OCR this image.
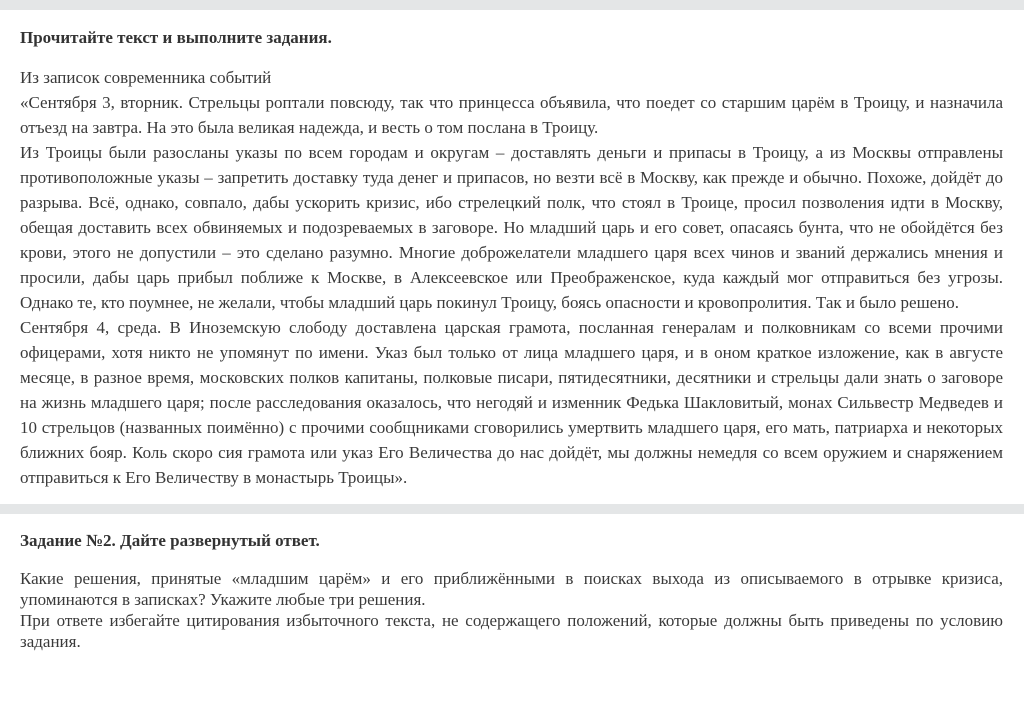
Прочитайте текст и выполните задания.

Из записок современника событий

«Сентября 3, вторник. Стрельцы роптали повсюду, так что принцесса объявила, что поедет со старшим царём в Троицу, и назначила отъезд на завтра. На это была великая надежда, и весть о том послана в Троицу.

Из Троицы были разосланы указы по всем городам и округам – доставлять деньги и припасы в Троицу, а из Москвы отправлены противоположные указы – запретить доставку туда денег и припасов, но везти всё в Москву, как прежде и обычно. Похоже, дойдёт до разрыва. Всё, однако, совпало, дабы ускорить кризис, ибо стрелецкий полк, что стоял в Троице, просил позволения идти в Москву, обещая доставить всех обвиняемых и подозреваемых в заговоре. Но младший царь и его совет, опасаясь бунта, что не обойдётся без крови, этого не допустили – это сделано разумно. Многие доброжелатели младшего царя всех чинов и званий держались мнения и просили, дабы царь прибыл поближе к Москве, в Алексеевское или Преображенское, куда каждый мог отправиться без угрозы. Однако те, кто поумнее, не желали, чтобы младший царь покинул Троицу, боясь опасности и кровопролития. Так и было решено.

Сентября 4, среда. В Иноземскую слободу доставлена царская грамота, посланная генералам и полковникам со всеми прочими офицерами, хотя никто не упомянут по имени. Указ был только от лица младшего царя, и в оном краткое изложение, как в августе месяце, в разное время, московских полков капитаны, полковые писари, пятидесятники, десятники и стрельцы дали знать о заговоре на жизнь младшего царя; после расследования оказалось, что негодяй и изменник Федька Шакловитый, монах Сильвестр Медведев и 10 стрельцов (названных поимённо) с прочими сообщниками сговорились умертвить младшего царя, его мать, патриарха и некоторых ближних бояр. Коль скоро сия грамота или указ Его Величества до нас дойдёт, мы должны немедля со всем оружием и снаряжением отправиться к Его Величеству в монастырь Троицы».

Задание №2. Дайте развернутый ответ.

Какие решения, принятые «младшим царём» и его приближёнными в поисках выхода из описываемого в отрывке кризиса, упоминаются в записках? Укажите любые три решения.

При ответе избегайте цитирования избыточного текста, не содержащего положений, которые должны быть приведены по условию задания.
